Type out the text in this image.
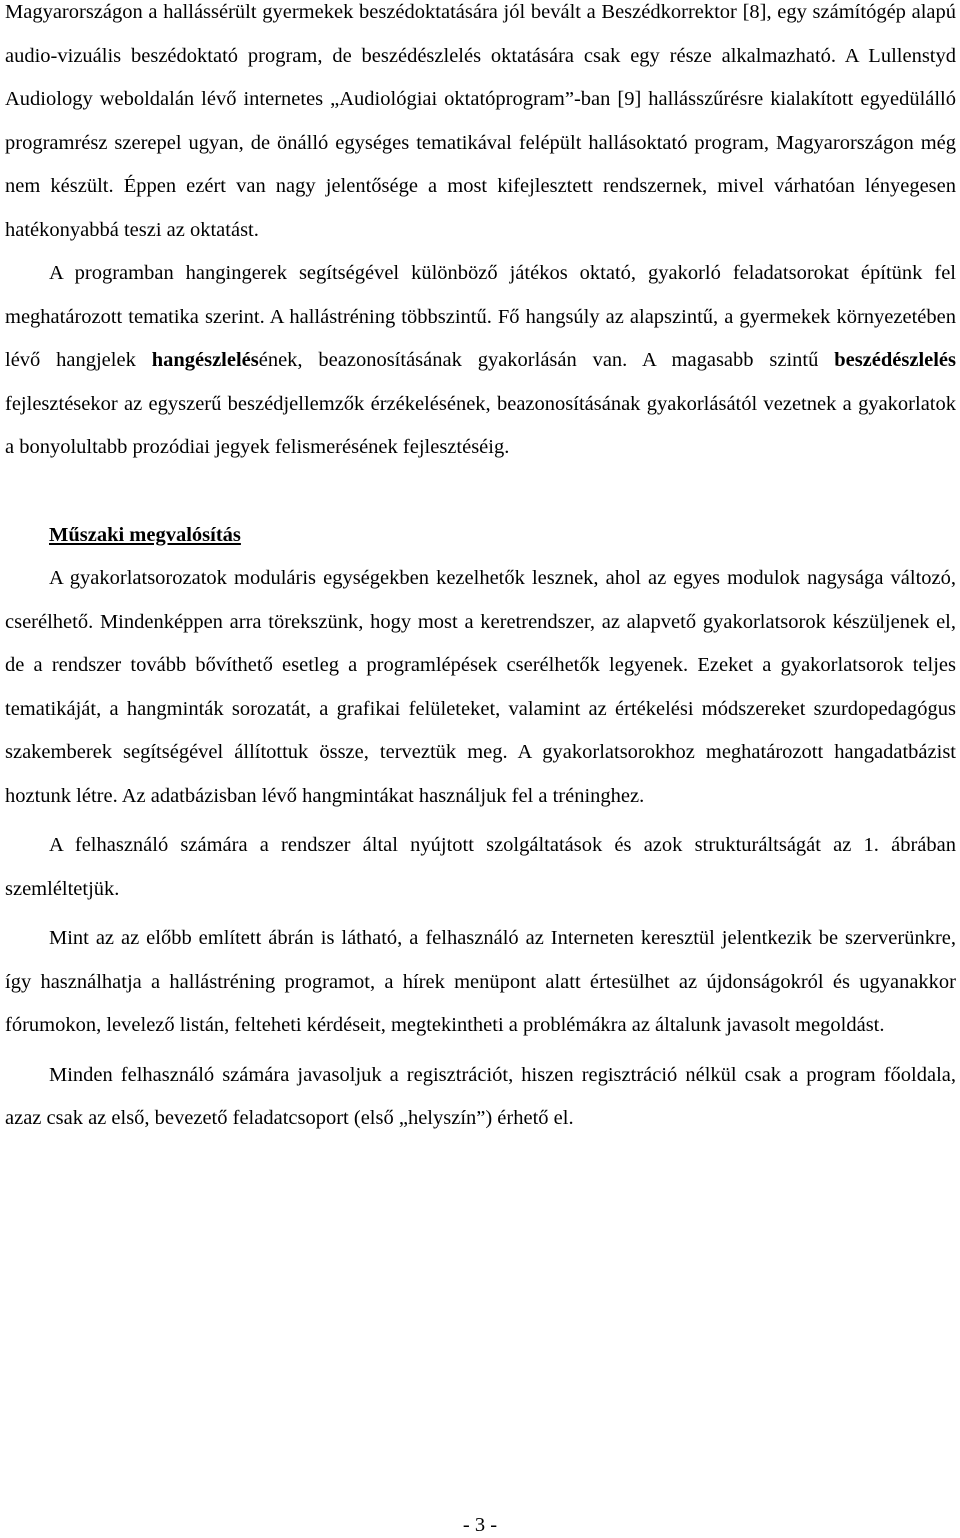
Magyarországon a hallássérült gyermekek beszédoktatására jól bevált a Beszédkorrektor [8], egy számítógép alapú audio-vizuális beszédoktató program, de beszédészlelés oktatására csak egy része alkalmazható. A Lullenstyd Audiology weboldalán lévő internetes „Audiológiai oktatóprogram”-ban [9] hallásszűrésre kialakított egyedülálló programrész szerepel ugyan, de önálló egységes tematikával felépült hallásoktató program, Magyarországon még nem készült. Éppen ezért van nagy jelentősége a most kifejlesztett rendszernek, mivel várhatóan lényegesen hatékonyabbá teszi az oktatást.

A programban hangingerek segítségével különböző játékos oktató, gyakorló feladatsorokat építünk fel meghatározott tematika szerint. A hallástréning többszintű. Fő hangsúly az alapszintű, a gyermekek környezetében lévő hangjelek hangészlelésének, beazonosításának gyakorlásán van. A magasabb szintű beszédészlelés fejlesztésekor az egyszerű beszédjellemzők érzékelésének, beazonosításának gyakorlásától vezetnek a gyakorlatok a bonyolultabb prozódiai jegyek felismerésének fejlesztéséig.

Műszaki megvalósítás

A gyakorlatsorozatok moduláris egységekben kezelhetők lesznek, ahol az egyes modulok nagysága változó, cserélhető. Mindenképpen arra törekszünk, hogy most a keretrendszer, az alapvető gyakorlatsorok készüljenek el, de a rendszer tovább bővíthető esetleg a programlépések cserélhetők legyenek. Ezeket a gyakorlatsorok teljes tematikáját, a hangminták sorozatát, a grafikai felületeket, valamint az értékelési módszereket szurdopedagógus szakemberek segítségével állítottuk össze, terveztük meg. A gyakorlatsorokhoz meghatározott hangadatbázist hoztunk létre. Az adatbázisban lévő hangmintákat használjuk fel a tréninghez.

A felhasználó számára a rendszer által nyújtott szolgáltatások és azok strukturáltságát az 1. ábrában szemléltetjük.

Mint az az előbb említett ábrán is látható, a felhasználó az Interneten keresztül jelentkezik be szerverünkre, így használhatja a hallástréning programot, a hírek menüpont alatt értesülhet az újdonságokról és ugyanakkor fórumokon, levelező listán, felteheti kérdéseit, megtekintheti a problémákra az általunk javasolt megoldást.

Minden felhasználó számára javasoljuk a regisztrációt, hiszen regisztráció nélkül csak a program főoldala, azaz csak az első, bevezető feladatcsoport (első „helyszín”) érhető el.

- 3 -
